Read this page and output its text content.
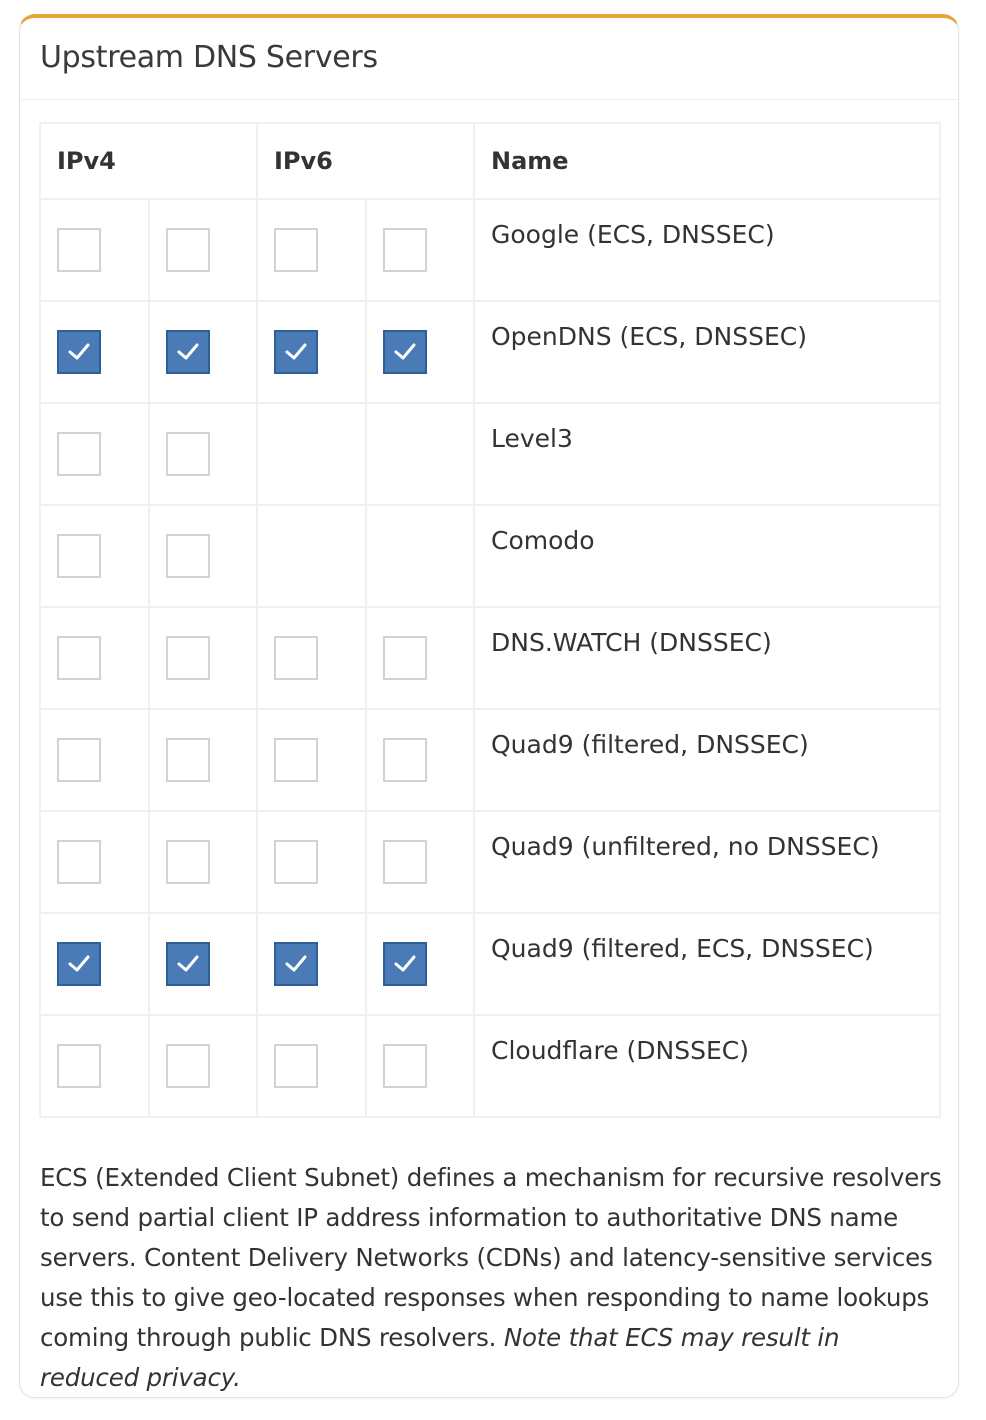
Upstream DNS Servers
IPv4		IPv6		Name

	Google (ECS, DNSSEC)

	OpenDNS (ECS, DNSSEC)

			Level3

			Comodo

	DNS.WATCH (DNSSEC)

	Quad9 (filtered, DNSSEC)

	Quad9 (unfiltered, no DNSSEC)

	Quad9 (filtered, ECS, DNSSEC)

	Cloudflare (DNSSEC)
ECS (Extended Client Subnet) defines a mechanism for recursive resolvers to send partial client IP address information to authoritative DNS name servers. Content Delivery Networks (CDNs) and latency-sensitive services use this to give geo-located responses when responding to name lookups coming through public DNS resolvers. Note that ECS may result in reduced privacy.
